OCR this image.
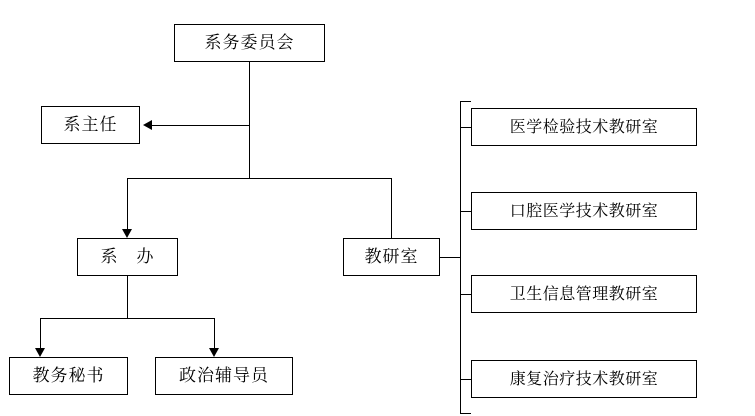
系务委员会
系主任
系　办	教研室
教务秘书	政治辅导员
医学检验技术教研室
口腔医学技术教研室
卫生信息管理教研室
康复治疗技术教研室
